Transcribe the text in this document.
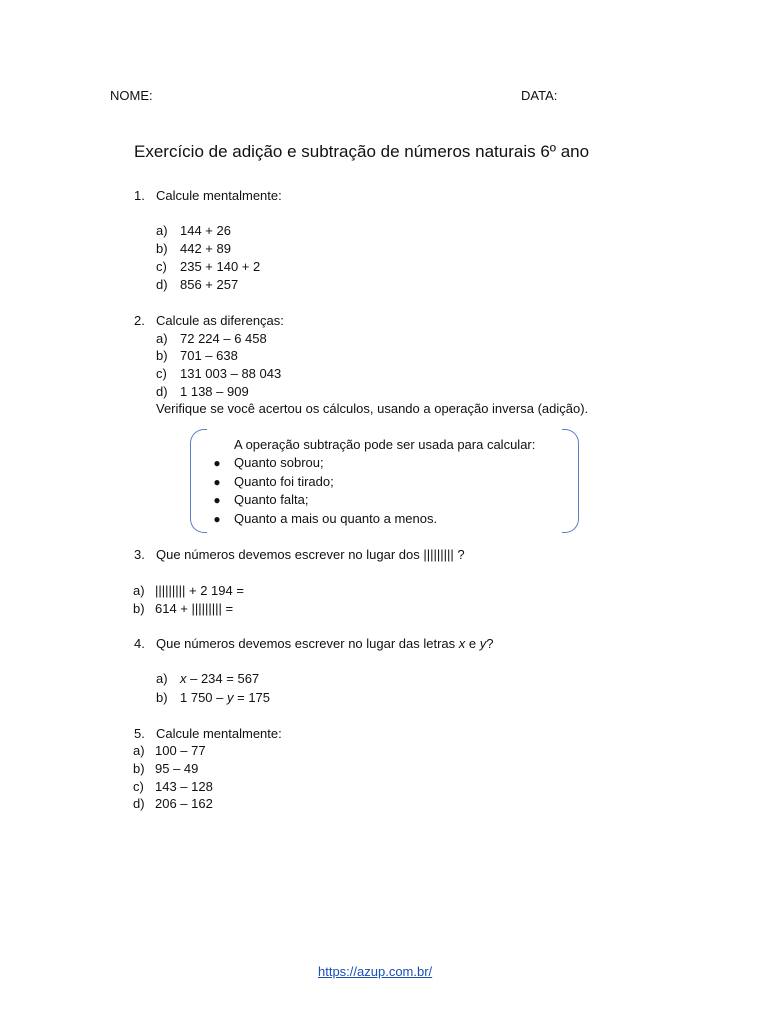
NOME:	DATA:
Exercício de adição e subtração de números naturais 6º ano
1. Calcule mentalmente:
a) 144 + 26
b) 442 + 89
c) 235 + 140 + 2
d) 856 + 257
2. Calcule as diferenças:
a) 72 224 – 6 458
b) 701 – 638
c) 131 003 – 88 043
d) 1 138 – 909
Verifique se você acertou os cálculos, usando a operação inversa (adição).
A operação subtração pode ser usada para calcular:
● Quanto sobrou;
● Quanto foi tirado;
● Quanto falta;
● Quanto a mais ou quanto a menos.
3. Que números devemos escrever no lugar dos ||||||||| ?
a) ||||||||| + 2 194 =
b) 614 + ||||||||| =
4. Que números devemos escrever no lugar das letras x e y?
a) x – 234 = 567
b) 1 750 – y = 175
5. Calcule mentalmente:
a) 100 – 77
b) 95 – 49
c) 143 – 128
d) 206 – 162
https://azup.com.br/
